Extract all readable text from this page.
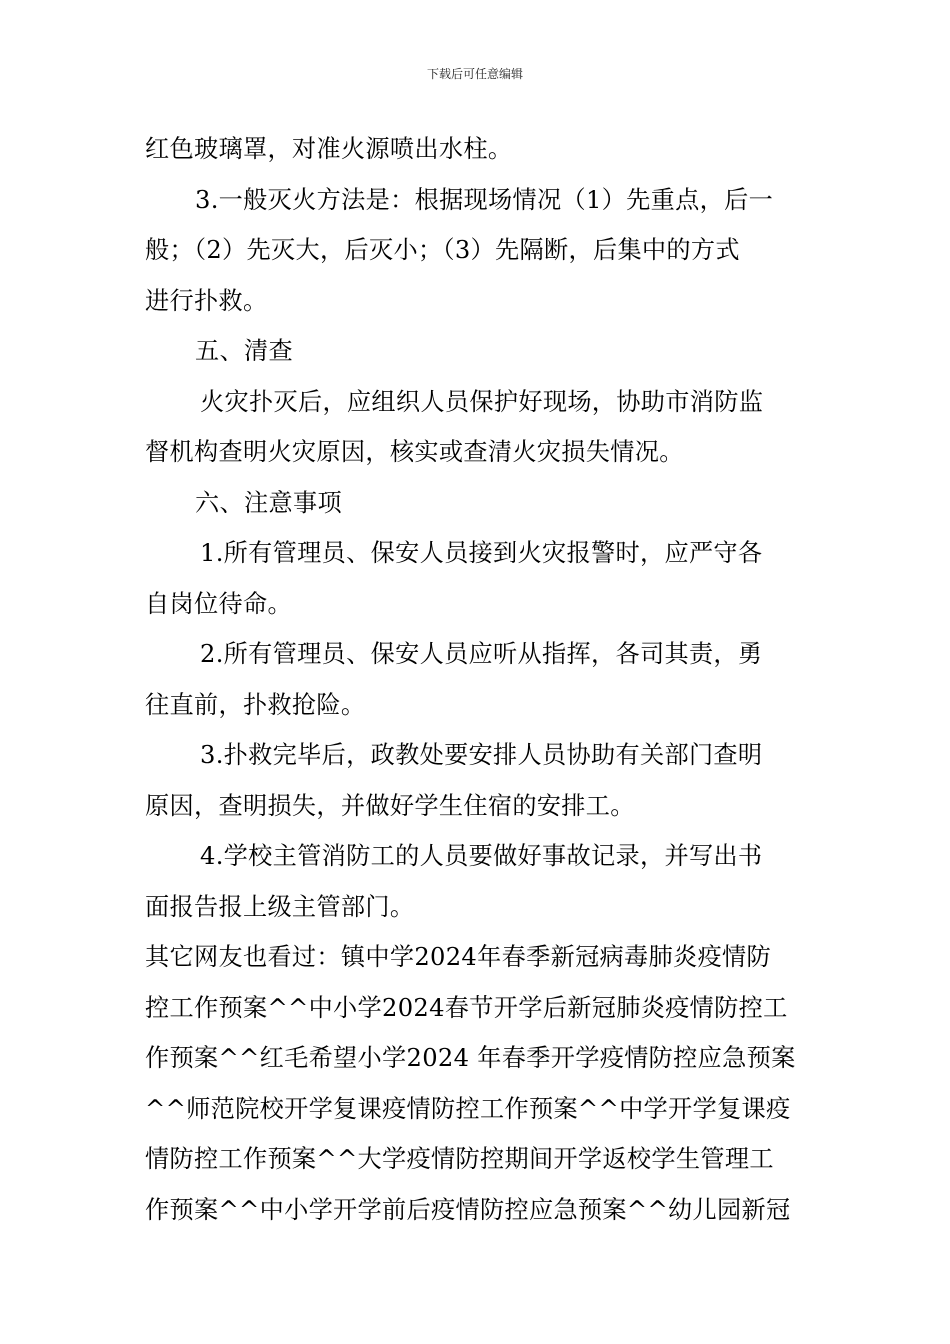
下载后可任意编辑

红色玻璃罩，对准火源喷出水柱。

3.一般灭火方法是：根据现场情况（1）先重点，后一

般；（2）先灭大，后灭小；（3）先隔断，后集中的方式

进行扑救。

五、清查

火灾扑灭后，应组织人员保护好现场，协助市消防监

督机构查明火灾原因，核实或查清火灾损失情况。

六、注意事项

1.所有管理员、保安人员接到火灾报警时，应严守各

自岗位待命。

2.所有管理员、保安人员应听从指挥，各司其责，勇

往直前，扑救抢险。

3.扑救完毕后，政教处要安排人员协助有关部门查明

原因，查明损失，并做好学生住宿的安排工。

4.学校主管消防工的人员要做好事故记录，并写出书

面报告报上级主管部门。

其它网友也看过：镇中学2024年春季新冠病毒肺炎疫情防

控工作预案^^中小学2024春节开学后新冠肺炎疫情防控工

作预案^^红毛希望小学2024 年春季开学疫情防控应急预案

^^师范院校开学复课疫情防控工作预案^^中学开学复课疫

情防控工作预案^^大学疫情防控期间开学返校学生管理工

作预案^^中小学开学前后疫情防控应急预案^^幼儿园新冠
